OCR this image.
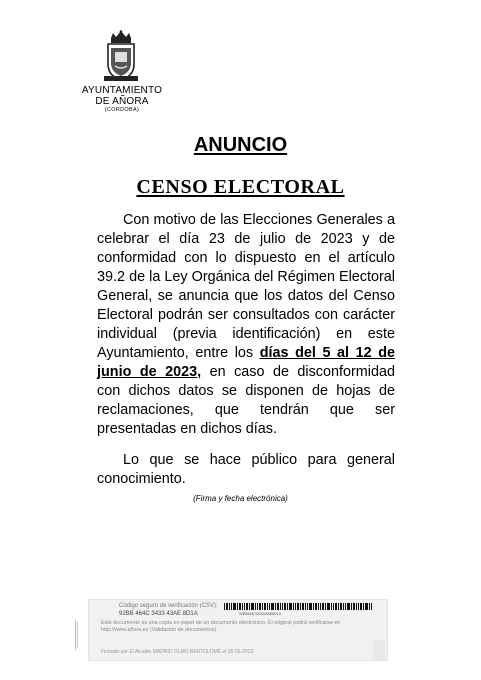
AYUNTAMIENTO
DE AÑORA
(CORDOBA)
ANUNCIO
CENSO ELECTORAL

Con motivo de las Elecciones Generales a celebrar el día 23 de julio de 2023 y de conformidad con lo dispuesto en el artículo 39.2 de la Ley Orgánica del Régimen Electoral General, se anuncia que los datos del Censo Electoral podrán ser consultados con carácter individual (previa identificación) en este Ayuntamiento, entre los días del 5 al 12 de junio de 2023, en caso de disconformidad con dichos datos se disponen de hojas de reclamaciones, que tendrán que ser presentadas en dichos días.

Lo que se hace público para general conocimiento.

(Firma y fecha electrónica)
Código seguro de verificación (CSV):
92BB 464C 3433 43AE 8D1A	92BB464C343343AE8D1A
Este documento es una copia en papel de un documento electrónico. El original podrá verificarse en
http://www.añora.es (Validación de documentos).
Firmado por El Alcalde MADRID OLMO BARTOLOMÉ el 05-06-2023
